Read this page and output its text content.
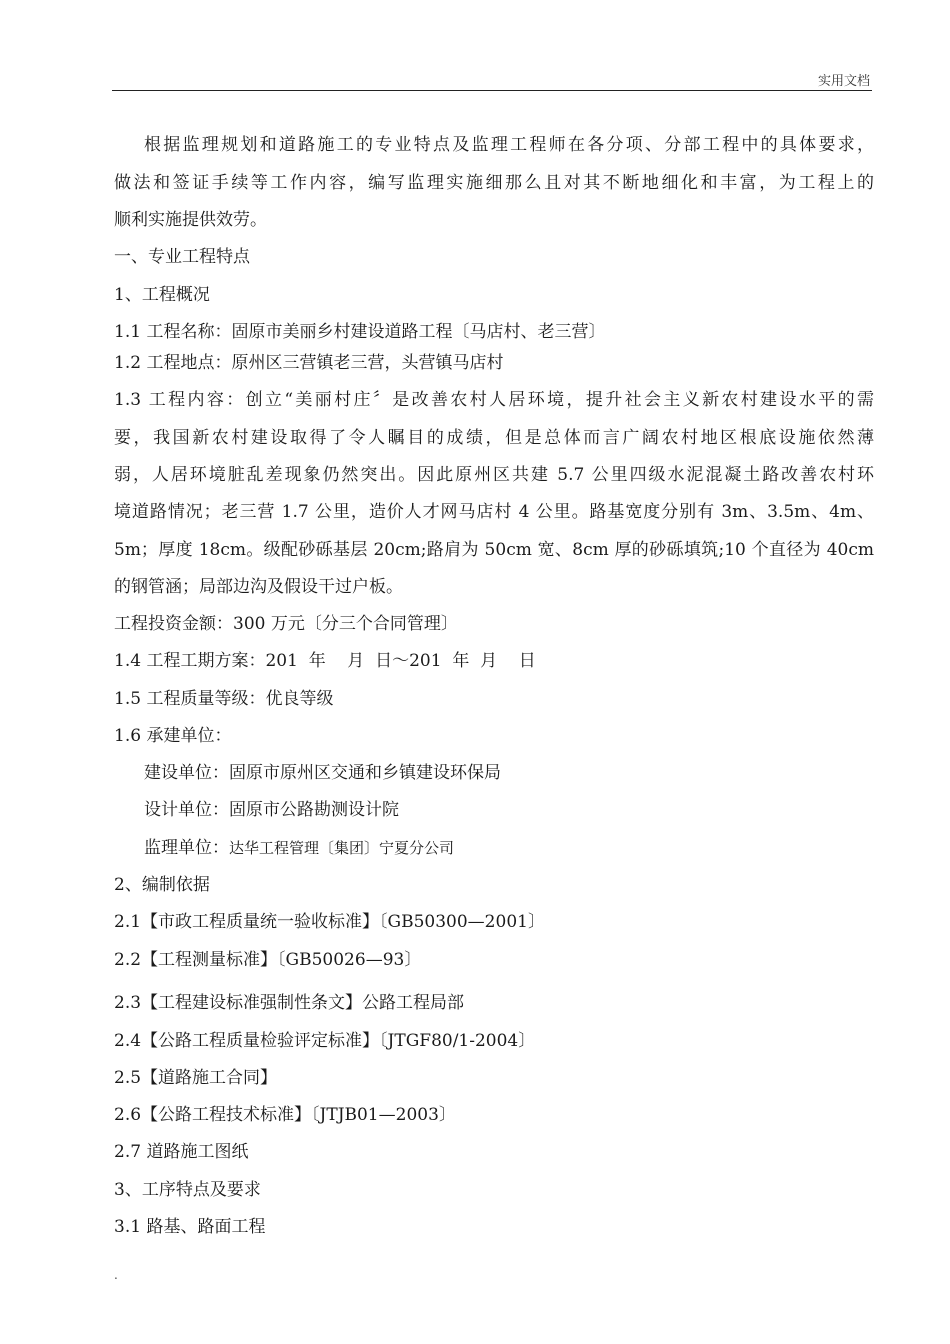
实用文档
根据监理规划和道路施工的专业特点及监理工程师在各分项、分部工程中的具体要求，
做法和签证手续等工作内容，编写监理实施细那么且对其不断地细化和丰富，为工程上的
顺利实施提供效劳。
一、专业工程特点
1、工程概况
1.1 工程名称：固原市美丽乡村建设道路工程〔马店村、老三营〕
1.2 工程地点：原州区三营镇老三营，头营镇马店村
1.3 工程内容：创立“美丽村庄〞是改善农村人居环境，提升社会主义新农村建设水平的需
要，我国新农村建设取得了令人瞩目的成绩，但是总体而言广阔农村地区根底设施依然薄
弱，人居环境脏乱差现象仍然突出。因此原州区共建 5.7 公里四级水泥混凝土路改善农村环
境道路情况；老三营 1.7 公里，造价人才网马店村 4 公里。路基宽度分别有 3m、3.5m、4m、
5m；厚度 18cm。级配砂砾基层 20cm;路肩为 50cm 宽、8cm 厚的砂砾填筑;10 个直径为 40cm
的钢管涵；局部边沟及假设干过户板。
工程投资金额：300 万元〔分三个合同管理〕
1.4 工程工期方案：201  年    月  日～201  年  月    日
1.5 工程质量等级：优良等级
1.6 承建单位：
建设单位：固原市原州区交通和乡镇建设环保局
设计单位：固原市公路勘测设计院
监理单位：达华工程管理〔集团〕宁夏分公司
2、编制依据
2.1【市政工程质量统一验收标准】〔GB50300—2001〕
2.2【工程测量标准】〔GB50026—93〕
2.3【工程建设标准强制性条文】公路工程局部
2.4【公路工程质量检验评定标准】〔JTGF80/1-2004〕
2.5【道路施工合同】
2.6【公路工程技术标准】〔JTJB01—2003〕
2.7 道路施工图纸
3、工序特点及要求
3.1 路基、路面工程
.
